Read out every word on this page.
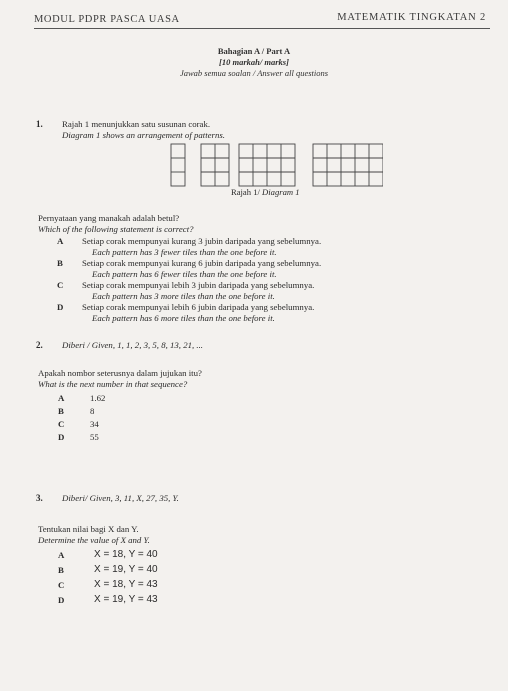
MODUL PDPR PASCA UASA	MATEMATIK TINGKATAN 2
Bahagian A / Part A
[10 markah/ marks]
Jawab semua soalan / Answer all questions
1. Rajah 1 menunjukkan satu susunan corak.
Diagram 1 shows an arrangement of patterns.
Rajah 1/ Diagram 1
Pernyataan yang manakah adalah betul?
Which of the following statement is correct?
A Setiap corak mempunyai kurang 3 jubin daripada yang sebelumnya.
Each pattern has 3 fewer tiles than the one before it.
B Setiap corak mempunyai kurang 6 jubin daripada yang sebelumnya.
Each pattern has 6 fewer tiles than the one before it.
C Setiap corak mempunyai lebih 3 jubin daripada yang sebelumnya.
Each pattern has 3 more tiles than the one before it.
D Setiap corak mempunyai lebih 6 jubin daripada yang sebelumnya.
Each pattern has 6 more tiles than the one before it.
2. Diberi / Given, 1, 1, 2, 3, 5, 8, 13, 21, ...
Apakah nombor seterusnya dalam jujukan itu?
What is the next number in that sequence?
A	1.62
B	8
C	34
D	55
3. Diberi/ Given, 3, 11, X, 27, 35, Y.
Tentukan nilai bagi X dan Y.
Determine the value of X and Y.
A	X = 18, Y = 40
B	X = 19, Y = 40
C	X = 18, Y = 43
D	X = 19, Y = 43
